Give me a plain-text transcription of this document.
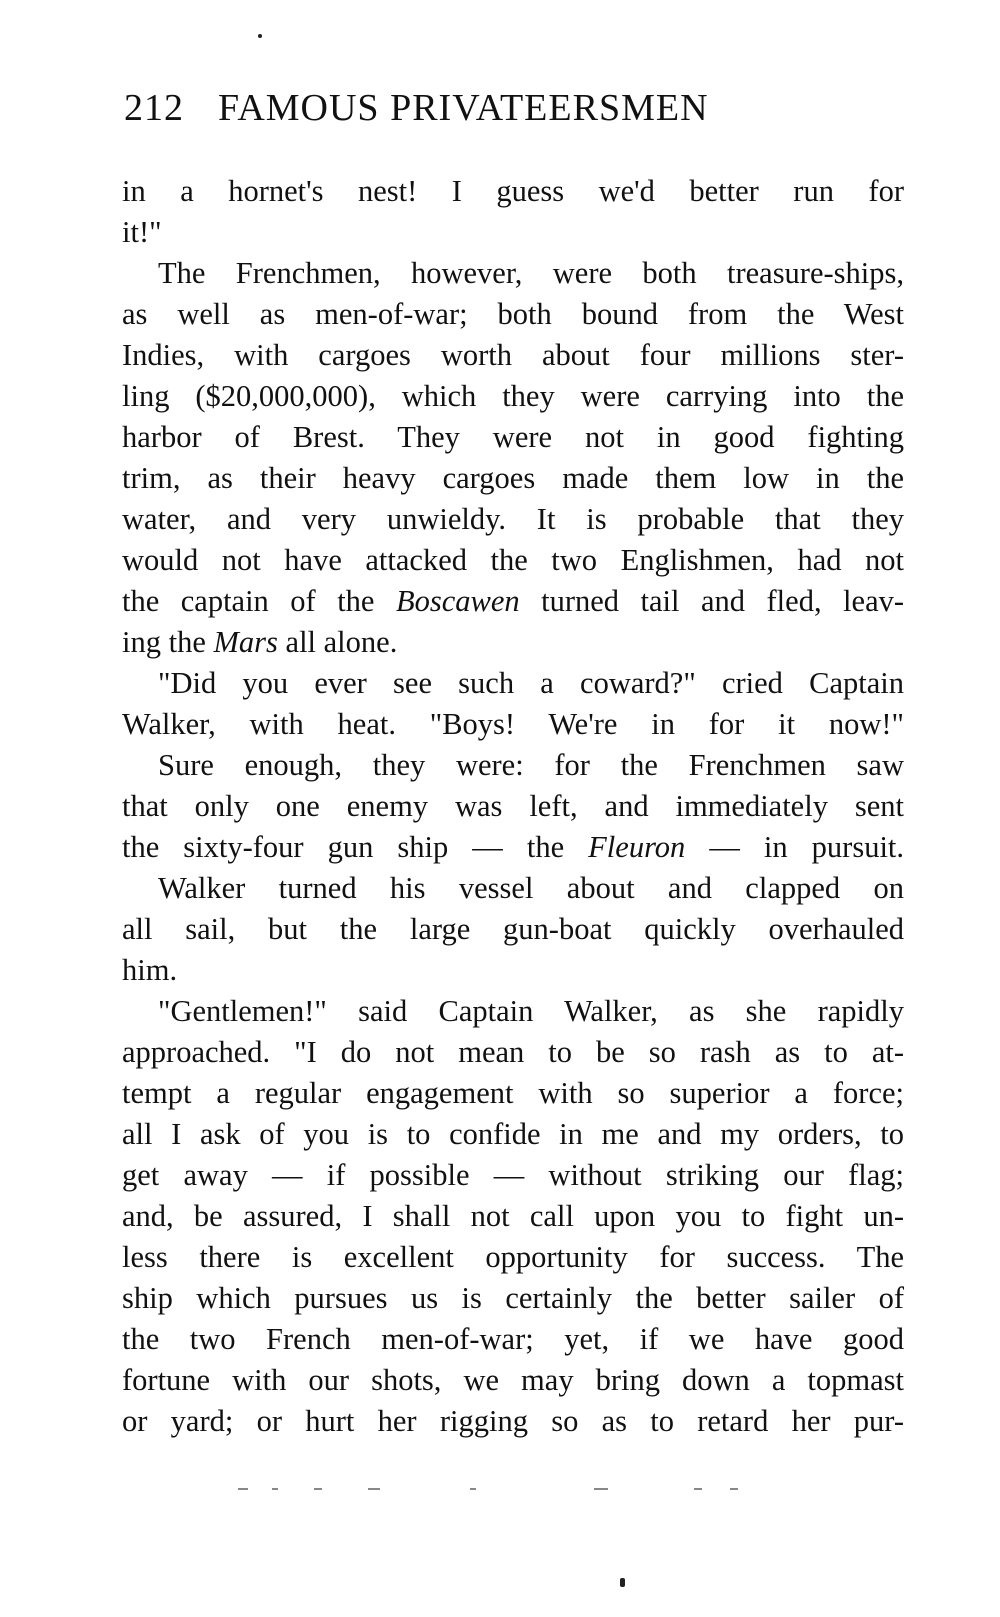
212 FAMOUS PRIVATEERSMEN
in a hornet's nest! I guess we'd better run for
it!"
The Frenchmen, however, were both treasure-ships,
as well as men-of-war; both bound from the West
Indies, with cargoes worth about four millions ster-
ling ($20,000,000), which they were carrying into the
harbor of Brest. They were not in good fighting
trim, as their heavy cargoes made them low in the
water, and very unwieldy. It is probable that they
would not have attacked the two Englishmen, had not
the captain of the Boscawen turned tail and fled, leav-
ing the Mars all alone.
"Did you ever see such a coward?" cried Captain
Walker, with heat. "Boys! We're in for it now!"
Sure enough, they were: for the Frenchmen saw
that only one enemy was left, and immediately sent
the sixty-four gun ship — the Fleuron — in pursuit.
Walker turned his vessel about and clapped on
all sail, but the large gun-boat quickly overhauled
him.
"Gentlemen!" said Captain Walker, as she rapidly
approached. "I do not mean to be so rash as to at-
tempt a regular engagement with so superior a force;
all I ask of you is to confide in me and my orders, to
get away — if possible — without striking our flag;
and, be assured, I shall not call upon you to fight un-
less there is excellent opportunity for success. The
ship which pursues us is certainly the better sailer of
the two French men-of-war; yet, if we have good
fortune with our shots, we may bring down a topmast
or yard; or hurt her rigging so as to retard her pur-
